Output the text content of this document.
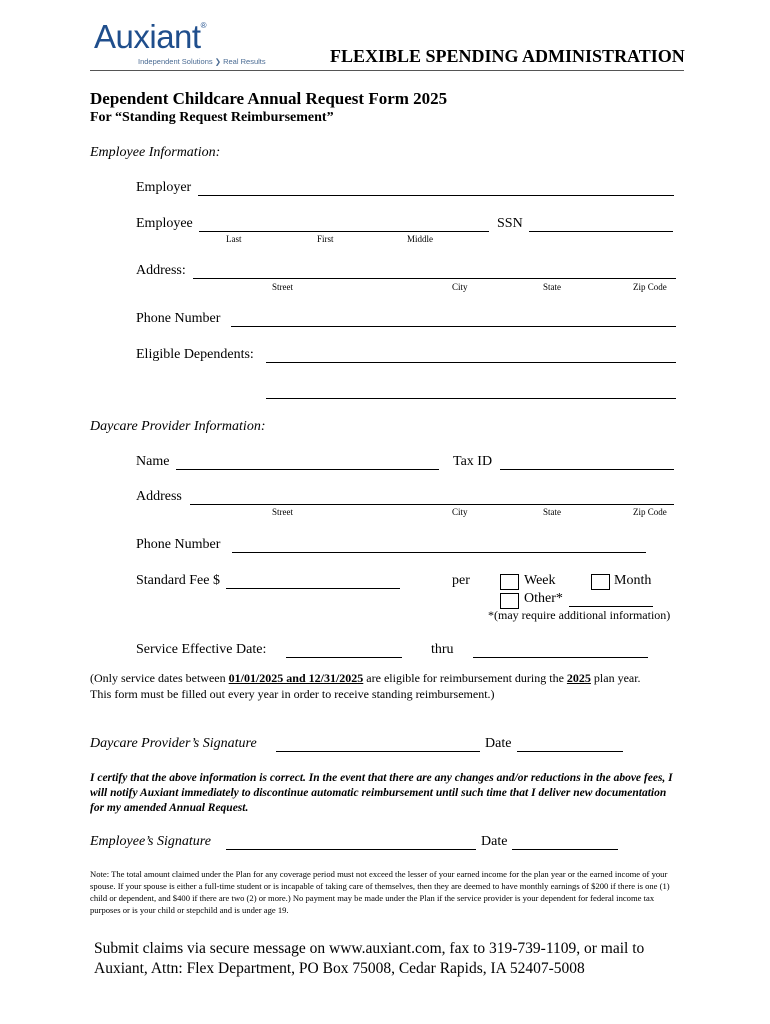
Auxiant®
Independent Solutions ❯ Real Results	FLEXIBLE SPENDING ADMINISTRATION
Dependent Childcare Annual Request Form 2025
For “Standing Request Reimbursement”
Employee Information:
Employer
Employee	SSN
Last	First	Middle
Address:
Street	City	State	Zip Code
Phone Number
Eligible Dependents:
Daycare Provider Information:
Name	Tax ID
Address
Street	City	State	Zip Code
Phone Number
Standard Fee $	per	Week	Month
Other*
*(may require additional information)
Service Effective Date:	thru
(Only service dates between 01/01/2025 and 12/31/2025 are eligible for reimbursement during the 2025 plan year.
This form must be filled out every year in order to receive standing reimbursement.)
Daycare Provider’s Signature	Date
I certify that the above information is correct. In the event that there are any changes and/or reductions in the above fees, I will notify Auxiant immediately to discontinue automatic reimbursement until such time that I deliver new documentation for my amended Annual Request.
Employee’s Signature	Date
Note: The total amount claimed under the Plan for any coverage period must not exceed the lesser of your earned income for the plan year or the earned income of your spouse. If your spouse is either a full-time student or is incapable of taking care of themselves, then they are deemed to have monthly earnings of $200 if there is one (1) child or dependent, and $400 if there are two (2) or more.) No payment may be made under the Plan if the service provider is your dependent for federal income tax purposes or is your child or stepchild and is under age 19.
Submit claims via secure message on www.auxiant.com, fax to 319-739-1109, or mail to Auxiant, Attn: Flex Department, PO Box 75008, Cedar Rapids, IA 52407-5008
